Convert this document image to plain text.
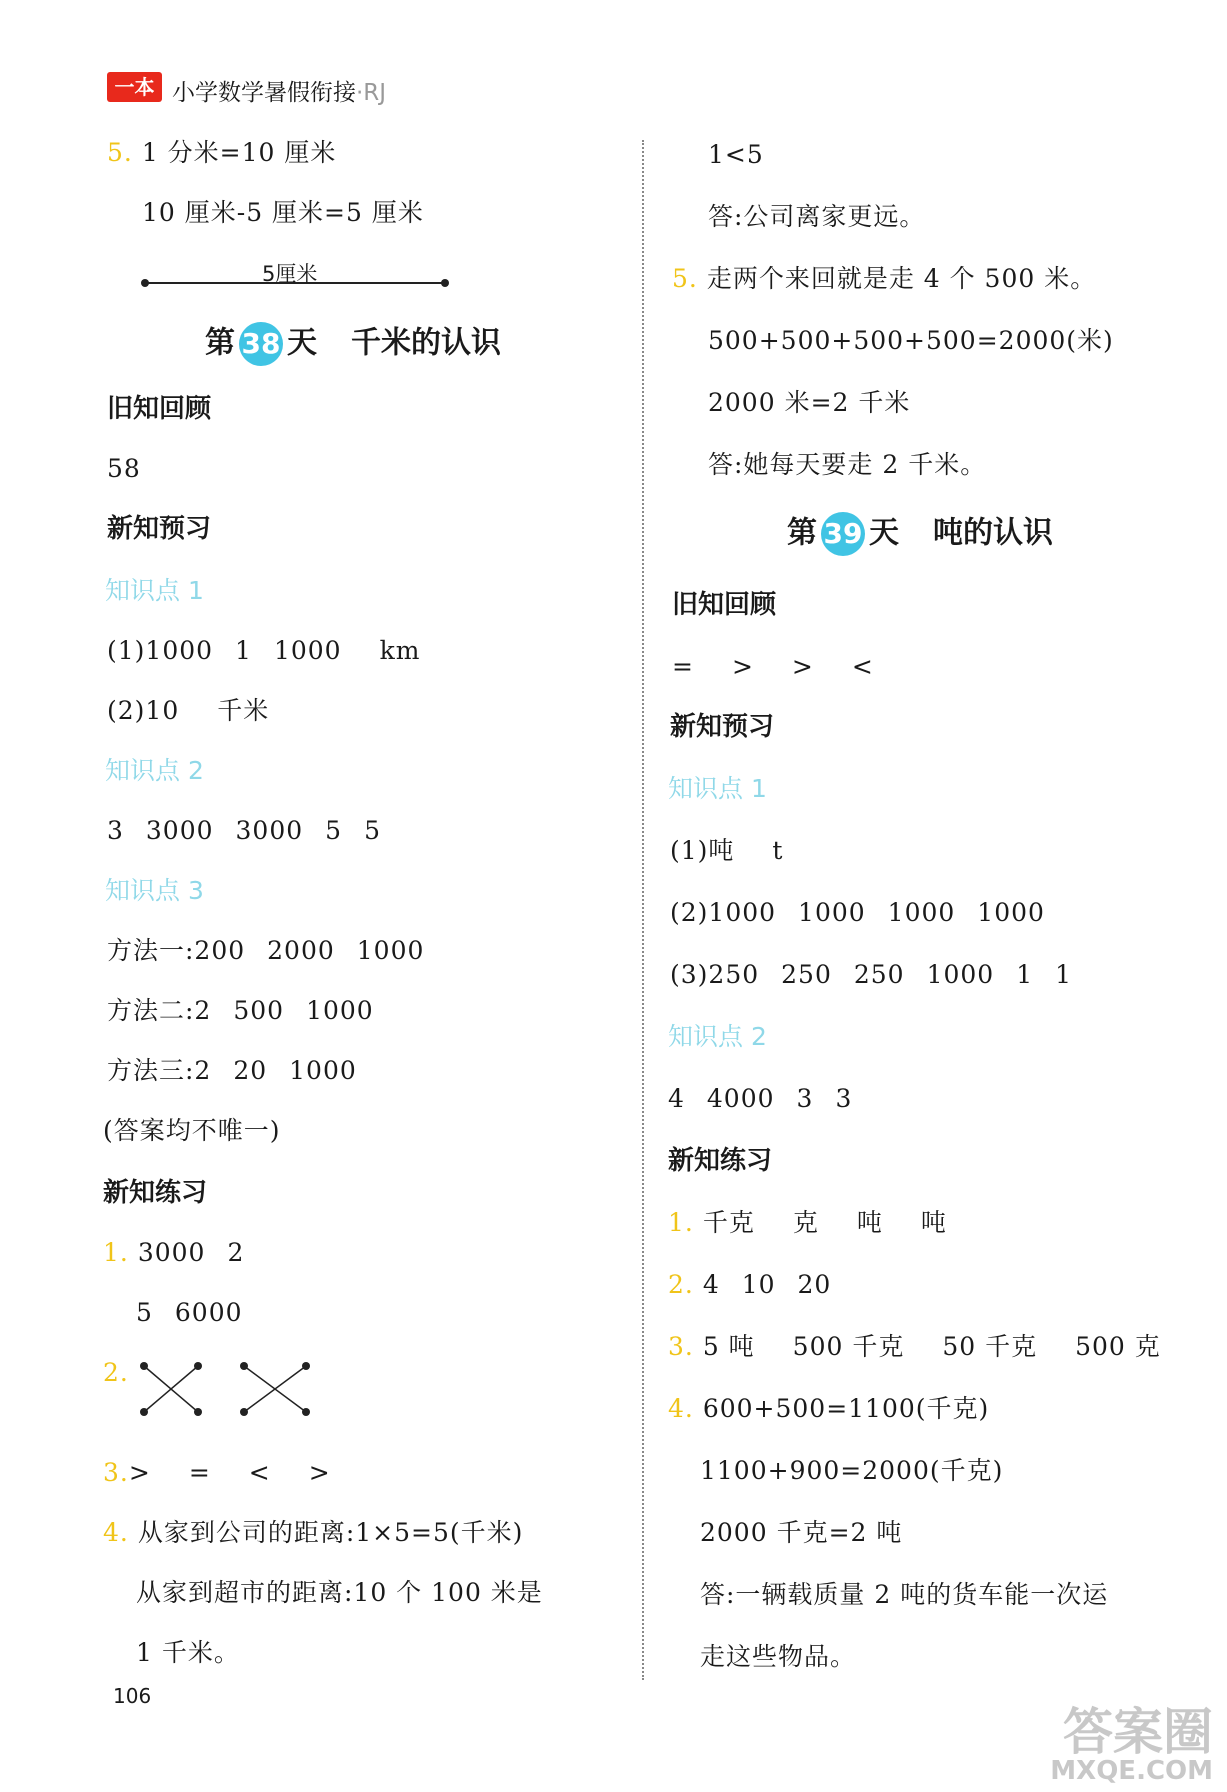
一本 小学数学暑假衔接·RJ
5. 1 分米=10 厘米
10 厘米-5 厘米=5 厘米
5厘米
第 38 天 千米的认识
旧知回顾
58
新知预习
知识点 1
(1)1000 1 1000 km
(2)10 千米
知识点 2
3 3000 3000 5 5
知识点 3
方法一:200 2000 1000
方法二:2 500 1000
方法三:2 20 1000
(答案均不唯一)
新知练习
1. 3000 2
5 6000
2.
3.> = < >
4. 从家到公司的距离:1×5=5(千米)
从家到超市的距离:10 个 100 米是
1 千米。
106
1<5
答:公司离家更远。
5. 走两个来回就是走 4 个 500 米。
500+500+500+500=2000(米)
2000 米=2 千米
答:她每天要走 2 千米。
第 39 天 吨的认识
旧知回顾
= > > <
新知预习
知识点 1
(1)吨 t
(2)1000 1000 1000 1000
(3)250 250 250 1000 1 1
知识点 2
4 4000 3 3
新知练习
1. 千克 克 吨 吨
2. 4 10 20
3. 5 吨 500 千克 50 千克 500 克
4. 600+500=1100(千克)
1100+900=2000(千克)
2000 千克=2 吨
答:一辆载质量 2 吨的货车能一次运
走这些物品。
答案圈
MXQE.COM
